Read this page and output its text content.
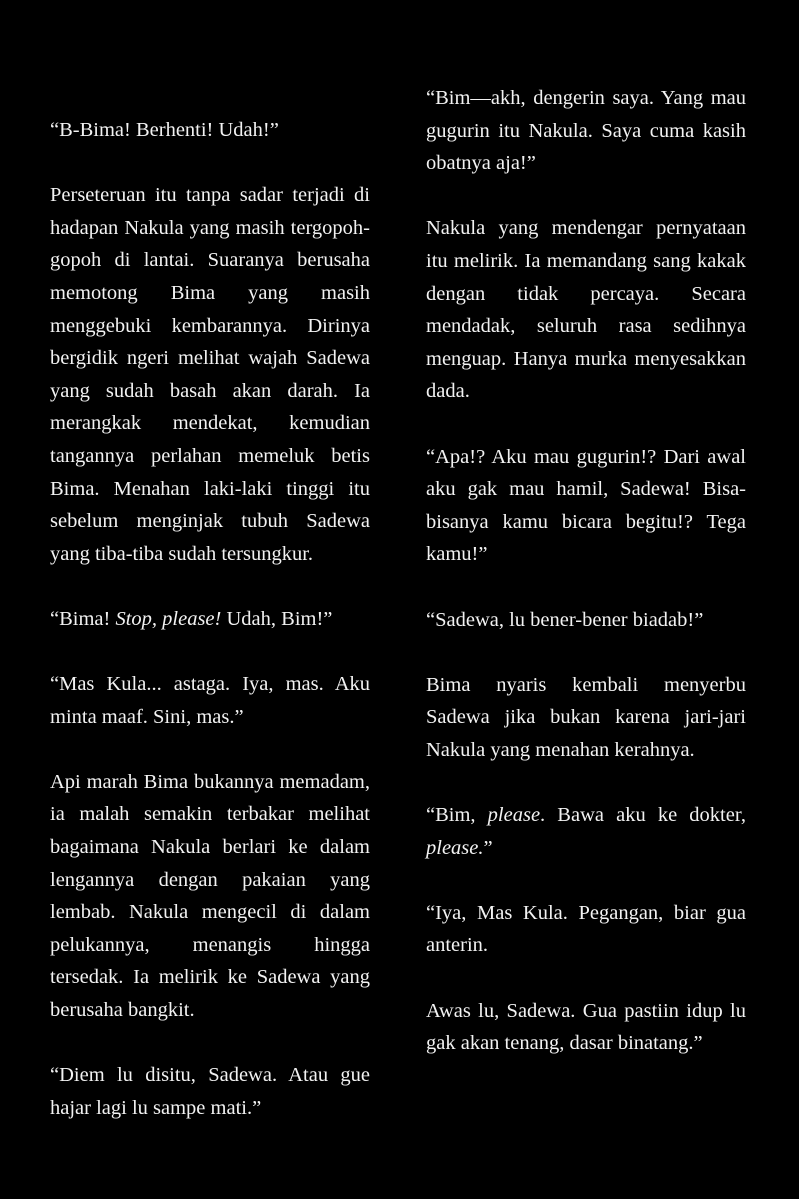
“B-Bima! Berhenti! Udah!”

Perseteruan itu tanpa sadar terjadi di hadapan Nakula yang masih tergopoh-gopoh di lantai. Suaranya berusaha memotong Bima yang masih menggebuki kembarannya. Dirinya bergidik ngeri melihat wajah Sadewa yang sudah basah akan darah. Ia merangkak mendekat, kemudian tangannya perlahan memeluk betis Bima. Menahan laki-laki tinggi itu sebelum menginjak tubuh Sadewa yang tiba-tiba sudah tersungkur.

“Bima! Stop, please! Udah, Bim!”

“Mas Kula... astaga. Iya, mas. Aku minta maaf. Sini, mas.”

Api marah Bima bukannya memadam, ia malah semakin terbakar melihat bagaimana Nakula berlari ke dalam lengannya dengan pakaian yang lembab. Nakula mengecil di dalam pelukannya, menangis hingga tersedak. Ia melirik ke Sadewa yang berusaha bangkit.

“Diem lu disitu, Sadewa. Atau gue hajar lagi lu sampe mati.”

“Bim—akh, dengerin saya. Yang mau gugurin itu Nakula. Saya cuma kasih obatnya aja!”

Nakula yang mendengar pernyataan itu melirik. Ia memandang sang kakak dengan tidak percaya. Secara mendadak, seluruh rasa sedihnya menguap. Hanya murka menyesakkan dada.

“Apa!? Aku mau gugurin!? Dari awal aku gak mau hamil, Sadewa! Bisa-bisanya kamu bicara begitu!? Tega kamu!”

“Sadewa, lu bener-bener biadab!”

Bima nyaris kembali menyerbu Sadewa jika bukan karena jari-jari Nakula yang menahan kerahnya.

“Bim, please. Bawa aku ke dokter, please.”

“Iya, Mas Kula. Pegangan, biar gua anterin.

Awas lu, Sadewa. Gua pastiin idup lu gak akan tenang, dasar binatang.”
